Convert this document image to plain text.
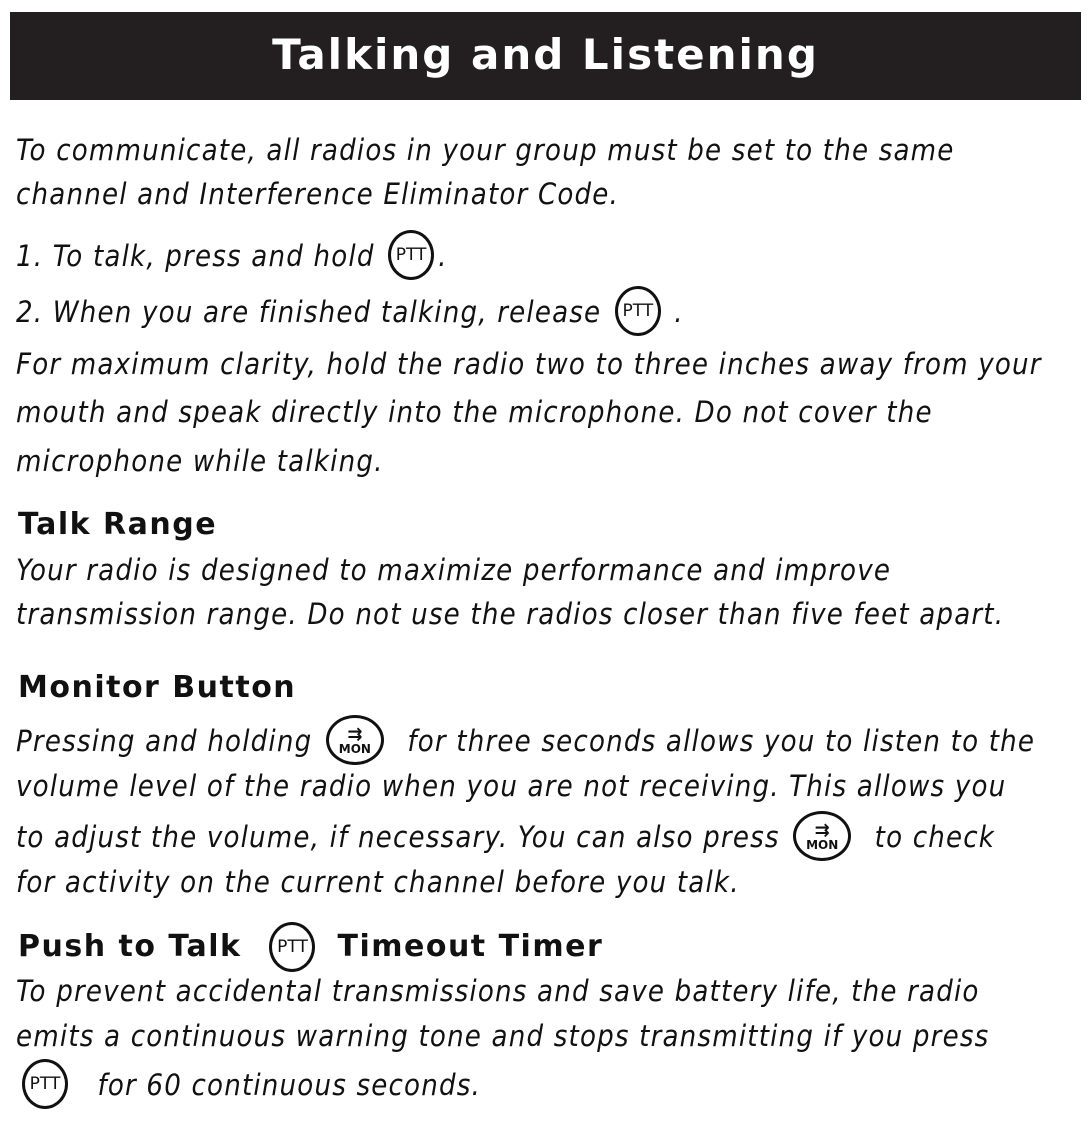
Talking and Listening
To communicate, all radios in your group must be set to the same
channel and Interference Eliminator Code.
1. To talk, press and hold PTT .
2. When you are finished talking, release PTT .
For maximum clarity, hold the radio two to three inches away from your
mouth and speak directly into the microphone. Do not cover the
microphone while talking.
Talk Range
Your radio is designed to maximize performance and improve
transmission range. Do not use the radios closer than five feet apart.
Monitor Button
Pressing and holding ⇉
MON for three seconds allows you to listen to the
volume level of the radio when you are not receiving. This allows you
to adjust the volume, if necessary. You can also press ⇉
MON to check
for activity on the current channel before you talk.
Push to Talk	PTT Timeout Timer
To prevent accidental transmissions and save battery life, the radio
emits a continuous warning tone and stops transmitting if you press
PTT for 60 continuous seconds.
